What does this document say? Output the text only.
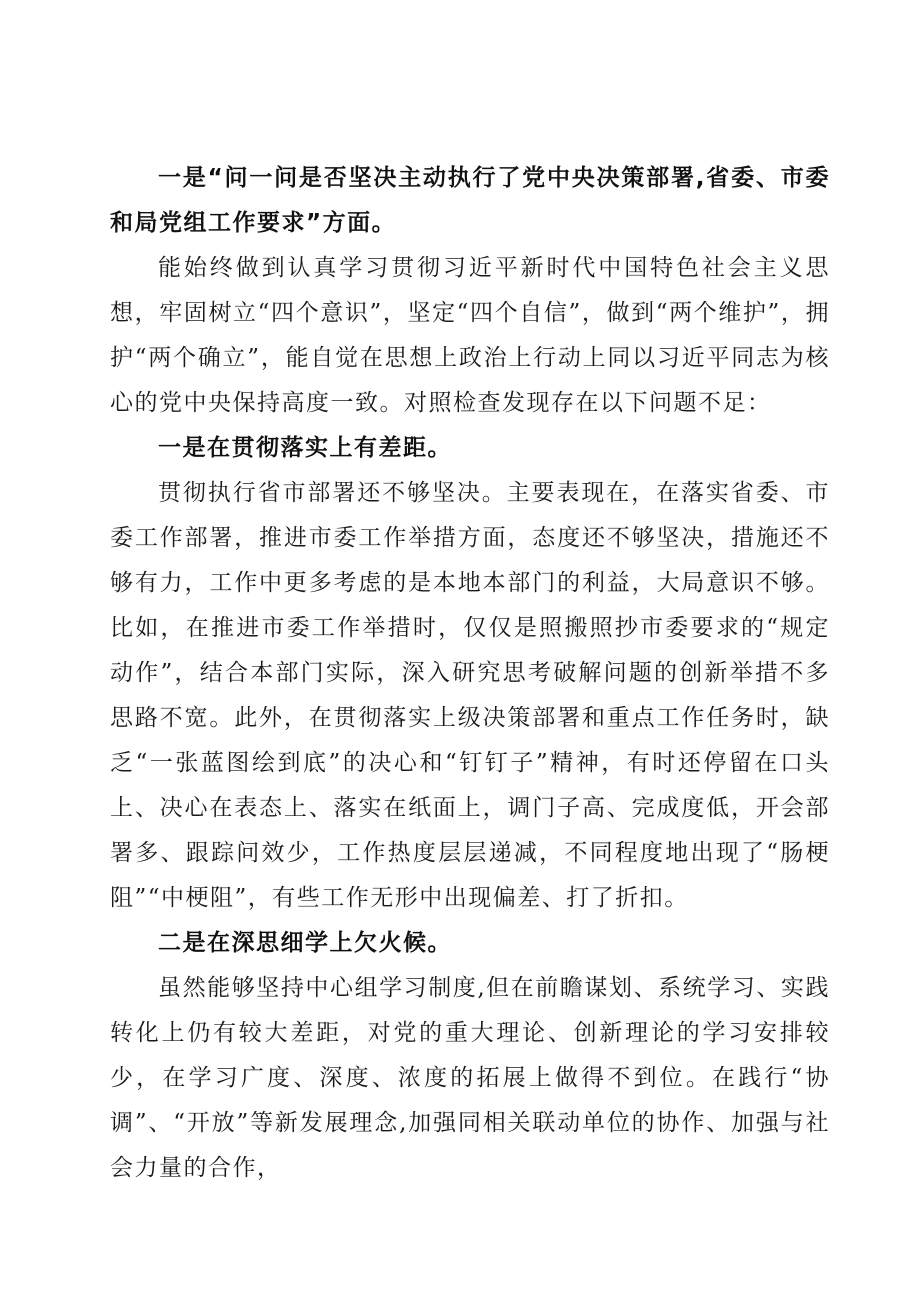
一是“问一问是否坚决主动执行了党中央决策部署,省委、市委和局党组工作要求”方面。

能始终做到认真学习贯彻习近平新时代中国特色社会主义思想，牢固树立“四个意识”，坚定“四个自信”，做到“两个维护”，拥护“两个确立”，能自觉在思想上政治上行动上同以习近平同志为核心的党中央保持高度一致。对照检查发现存在以下问题不足：

一是在贯彻落实上有差距。

贯彻执行省市部署还不够坚决。主要表现在，在落实省委、市委工作部署，推进市委工作举措方面，态度还不够坚决，措施还不够有力，工作中更多考虑的是本地本部门的利益，大局意识不够。比如，在推进市委工作举措时，仅仅是照搬照抄市委要求的“规定动作”，结合本部门实际，深入研究思考破解问题的创新举措不多思路不宽。此外，在贯彻落实上级决策部署和重点工作任务时，缺乏“一张蓝图绘到底”的决心和“钉钉子”精神，有时还停留在口头上、决心在表态上、落实在纸面上，调门子高、完成度低，开会部署多、跟踪问效少，工作热度层层递减，不同程度地出现了“肠梗阻”“中梗阻”，有些工作无形中出现偏差、打了折扣。

二是在深思细学上欠火候。

虽然能够坚持中心组学习制度,但在前瞻谋划、系统学习、实践转化上仍有较大差距，对党的重大理论、创新理论的学习安排较少，在学习广度、深度、浓度的拓展上做得不到位。在践行“协调”、“开放”等新发展理念,加强同相关联动单位的协作、加强与社会力量的合作，
